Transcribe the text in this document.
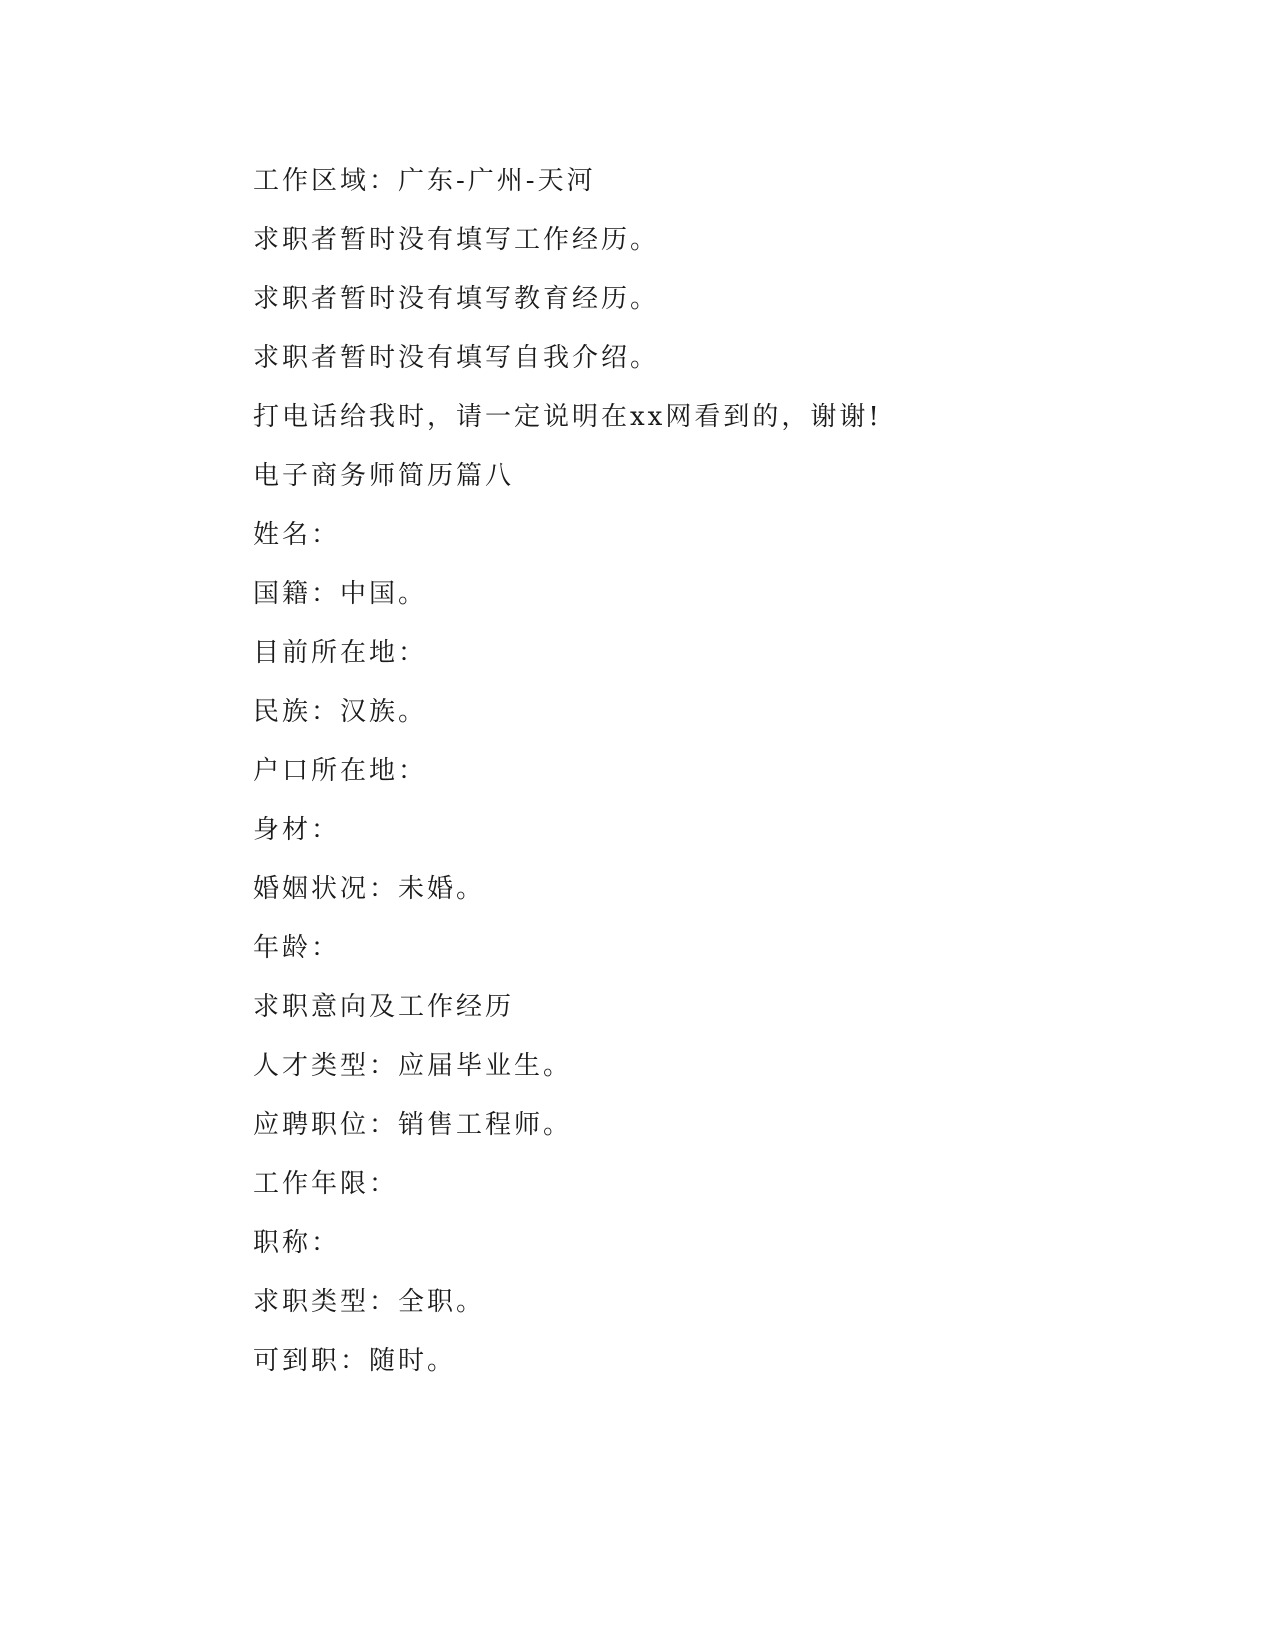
工作区域：广东-广州-天河
求职者暂时没有填写工作经历。
求职者暂时没有填写教育经历。
求职者暂时没有填写自我介绍。
打电话给我时，请一定说明在xx网看到的，谢谢!
电子商务师简历篇八
姓名：
国籍：中国。
目前所在地：
民族：汉族。
户口所在地：
身材：
婚姻状况：未婚。
年龄：
求职意向及工作经历
人才类型：应届毕业生。
应聘职位：销售工程师。
工作年限：
职称：
求职类型：全职。
可到职：随时。
